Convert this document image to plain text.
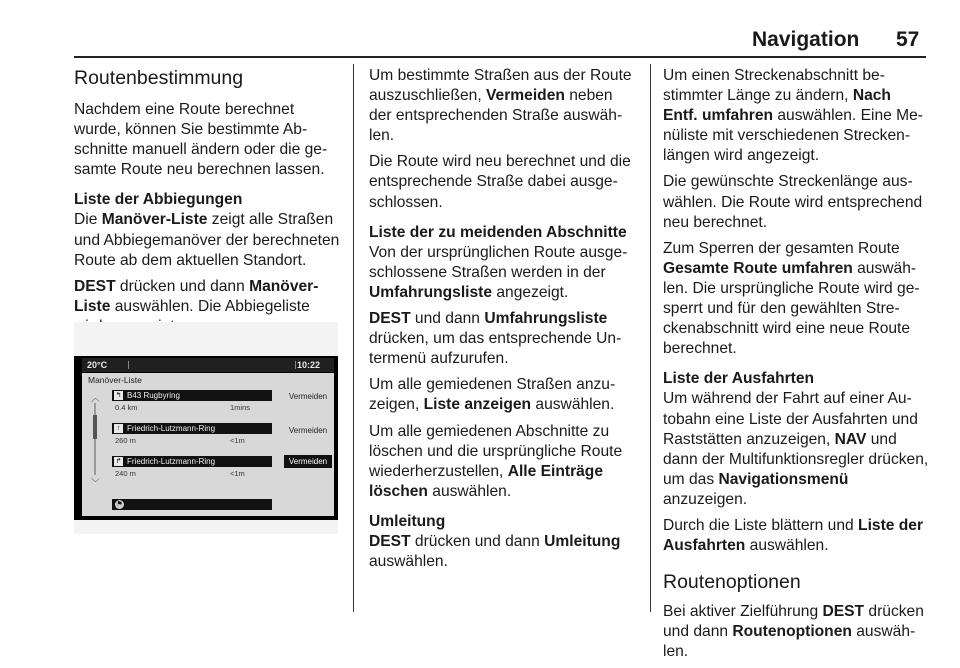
Navigation 57
Routenbestimmung

Nachdem eine Route berechnet wurde, können Sie bestimmte Abschnitte manuell ändern oder die gesamte Route neu berechnen lassen.

Liste der Abbiegungen

Die Manöver-Liste zeigt alle Straßen und Abbiegemanöver der berechneten Route ab dem aktuellen Standort.

DEST drücken und dann ManöverListe auswählen. Die Abbiegeliste

20°C	10:22
Manöver-Liste
︿
﹀
↰ B43 Rugbyring
0.4 km	1mins
Vermeiden
↑ Friedrich-Lutzmann-Ring
260 m	<1m
Vermeiden
↱ Friedrich-Lutzmann-Ring
240 m	<1m
Vermeiden
⚑

Um bestimmte Straßen aus der Route auszuschließen, Vermeiden neben der entsprechenden Straße auswählen.

Die Route wird neu berechnet und die entsprechende Straße dabei ausgeschlossen.

Liste der zu meidenden Abschnitte

Von der ursprünglichen Route ausgeschlossene Straßen werden in der Umfahrungsliste angezeigt.

DEST und dann Umfahrungsliste drücken, um das entsprechende Untermenü aufzurufen.

Um alle gemiedenen Straßen anzuzeigen, Liste anzeigen auswählen.

Um alle gemiedenen Abschnitte zu löschen und die ursprüngliche Route wiederherzustellen, Alle Einträge löschen auswählen.

Umleitung

DEST drücken und dann Umleitung auswählen.

Um einen Streckenabschnitt bestimmter Länge zu ändern, Nach Entf. umfahren auswählen. Eine Menüliste mit verschiedenen Streckenlängen wird angezeigt.

Die gewünschte Streckenlänge auswählen. Die Route wird entsprechend neu berechnet.

Zum Sperren der gesamten Route Gesamte Route umfahren auswählen. Die ursprüngliche Route wird gesperrt und für den gewählten Streckenabschnitt wird eine neue Route berechnet.

Liste der Ausfahrten

Um während der Fahrt auf einer Autobahn eine Liste der Ausfahrten und Raststätten anzuzeigen, NAV und dann der Multifunktionsregler drücken, um das Navigationsmenü anzuzeigen.

Durch die Liste blättern und Liste der Ausfahrten auswählen.

Routenoptionen

Bei aktiver Zielführung DEST drücken und dann Routenoptionen auswählen.
